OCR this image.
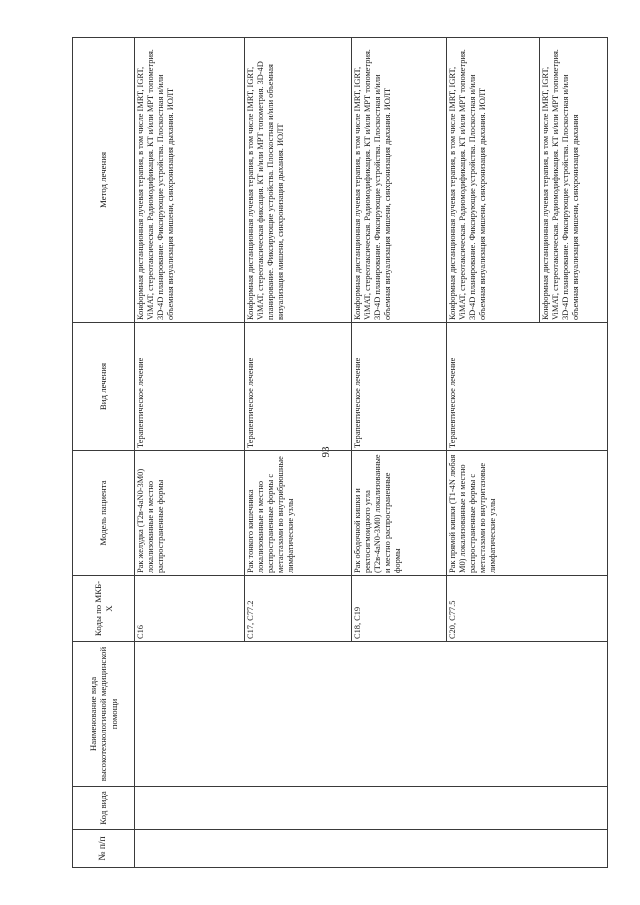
93
№ п/п	Код вида	Наименование вида высокотехнологичной медицинской помощи	Коды по МКБ-X	Модель пациента	Вид лечения	Метод лечения
			C16	Рак желудка (T2в-4aN0-3M0) локализованные и местно распространенные формы	Терапевтическое лечение	Конформная дистанционная лучевая терапия, в том числе IMRT, IGRT, ViMAT, стереотаксическая. Радиомодификация. КТ и/или МРТ топометрия. 3D-4D планирование. Фиксирующие устройства. Плоскостная и/или объемная визуализация мишени, синхронизация дыхания. ИОЛТ
			C17, C77.2	Рак тонкого кишечника локализованные и местно распространенные формы с метастазами во внутрибрюшные лимфатические узлы	Терапевтическое лечение	Конформная дистанционная лучевая терапия, в том числе IMRT, IGRT, ViMAT, стереотаксическая фиксация. КТ и/или МРТ топометрия. 3D-4D планирование. Фиксирующие устройства. Плоскостная и/или объемная визуализация мишени, синхронизация дыхания. ИОЛТ
			C18, C19	Рак ободочной кишки и ректосигмоидного угла (T2в-4aN0-3M0) локализованные и местно распространенные формы	Терапевтическое лечение	Конформная дистанционная лучевая терапия, в том числе IMRT, IGRT, ViMAT, стереотаксическая. Радиомодификация. КТ и/или МРТ топометрия. 3D-4D планирование. Фиксирующие устройства. Плоскостная и/или объемная визуализация мишени, синхронизация дыхания. ИОЛТ
			C20, C77.5	Рак прямой кишки (T1-4N любая M0) локализованные и местно распространенные формы с метастазами во внутритазовые лимфатические узлы	Терапевтическое лечение	Конформная дистанционная лучевая терапия, в том числе IMRT, IGRT, ViMAT, стереотаксическая. Радиомодификация. КТ и/или МРТ топометрия. 3D-4D планирование. Фиксирующие устройства. Плоскостная и/или объемная визуализация мишени, синхронизация дыхания. ИОЛТ
						Конформная дистанционная лучевая терапия, в том числе IMRT, IGRT, ViMAT, стереотаксическая. Радиомодификация. КТ и/или МРТ топометрия. 3D-4D планирование. Фиксирующие устройства. Плоскостная и/или объемная визуализация мишени, синхронизация дыхания
